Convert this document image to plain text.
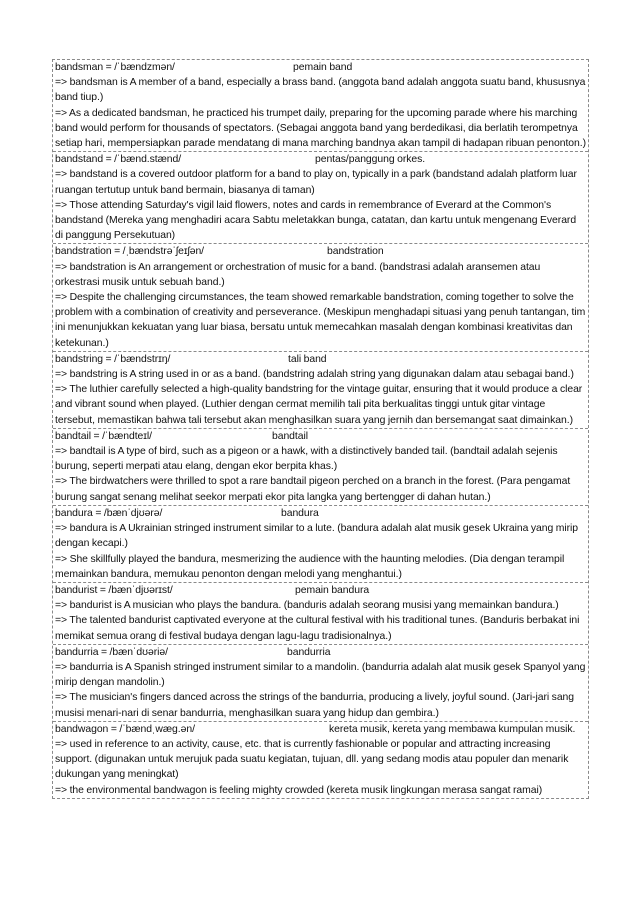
bandsman = /ˈbændzmən/	pemain band

=> bandsman is A member of a band, especially a brass band. (anggota band adalah anggota suatu band, khususnya band tiup.)

=> As a dedicated bandsman, he practiced his trumpet daily, preparing for the upcoming parade where his marching band would perform for thousands of spectators. (Sebagai anggota band yang berdedikasi, dia berlatih terompetnya setiap hari, mempersiapkan parade mendatang di mana marching bandnya akan tampil di hadapan ribuan penonton.)

bandstand = /ˈbænd.stænd/	pentas/panggung orkes.

=> bandstand is a covered outdoor platform for a band to play on, typically in a park (bandstand adalah platform luar ruangan tertutup untuk band bermain, biasanya di taman)

=> Those attending Saturday's vigil laid flowers, notes and cards in remembrance of Everard at the Common's bandstand (Mereka yang menghadiri acara Sabtu meletakkan bunga, catatan, dan kartu untuk mengenang Everard di panggung Persekutuan)

bandstration = /ˌbændstrəˈʃeɪʃən/	bandstration

=> bandstration is An arrangement or orchestration of music for a band. (bandstrasi adalah aransemen atau orkestrasi musik untuk sebuah band.)

=> Despite the challenging circumstances, the team showed remarkable bandstration, coming together to solve the problem with a combination of creativity and perseverance. (Meskipun menghadapi situasi yang penuh tantangan, tim ini menunjukkan kekuatan yang luar biasa, bersatu untuk memecahkan masalah dengan kombinasi kreativitas dan ketekunan.)

bandstring = /ˈbændstrɪŋ/	tali band

=> bandstring is A string used in or as a band. (bandstring adalah string yang digunakan dalam atau sebagai band.)

=> The luthier carefully selected a high-quality bandstring for the vintage guitar, ensuring that it would produce a clear and vibrant sound when played. (Luthier dengan cermat memilih tali pita berkualitas tinggi untuk gitar vintage tersebut, memastikan bahwa tali tersebut akan menghasilkan suara yang jernih dan bersemangat saat dimainkan.)

bandtail = /ˈbændteɪl/	bandtail

=> bandtail is A type of bird, such as a pigeon or a hawk, with a distinctively banded tail. (bandtail adalah sejenis burung, seperti merpati atau elang, dengan ekor berpita khas.)

=> The birdwatchers were thrilled to spot a rare bandtail pigeon perched on a branch in the forest. (Para pengamat burung sangat senang melihat seekor merpati ekor pita langka yang bertengger di dahan hutan.)

bandura = /bænˈdjʊərə/	bandura

=> bandura is A Ukrainian stringed instrument similar to a lute. (bandura adalah alat musik gesek Ukraina yang mirip dengan kecapi.)

=> She skillfully played the bandura, mesmerizing the audience with the haunting melodies. (Dia dengan terampil memainkan bandura, memukau penonton dengan melodi yang menghantui.)

bandurist = /bænˈdjʊərɪst/	pemain bandura

=> bandurist is A musician who plays the bandura. (banduris adalah seorang musisi yang memainkan bandura.)

=> The talented bandurist captivated everyone at the cultural festival with his traditional tunes. (Banduris berbakat ini memikat semua orang di festival budaya dengan lagu-lagu tradisionalnya.)

bandurria = /bænˈdʊəriə/	bandurria

=> bandurria is A Spanish stringed instrument similar to a mandolin. (bandurria adalah alat musik gesek Spanyol yang mirip dengan mandolin.)

=> The musician's fingers danced across the strings of the bandurria, producing a lively, joyful sound. (Jari-jari sang musisi menari-nari di senar bandurria, menghasilkan suara yang hidup dan gembira.)

bandwagon = /ˈbændˌwæg.ən/	kereta musik, kereta yang membawa kumpulan musik.

=> used in reference to an activity, cause, etc. that is currently fashionable or popular and attracting increasing support. (digunakan untuk merujuk pada suatu kegiatan, tujuan, dll. yang sedang modis atau populer dan menarik dukungan yang meningkat)

=> the environmental bandwagon is feeling mighty crowded (kereta musik lingkungan merasa sangat ramai)
